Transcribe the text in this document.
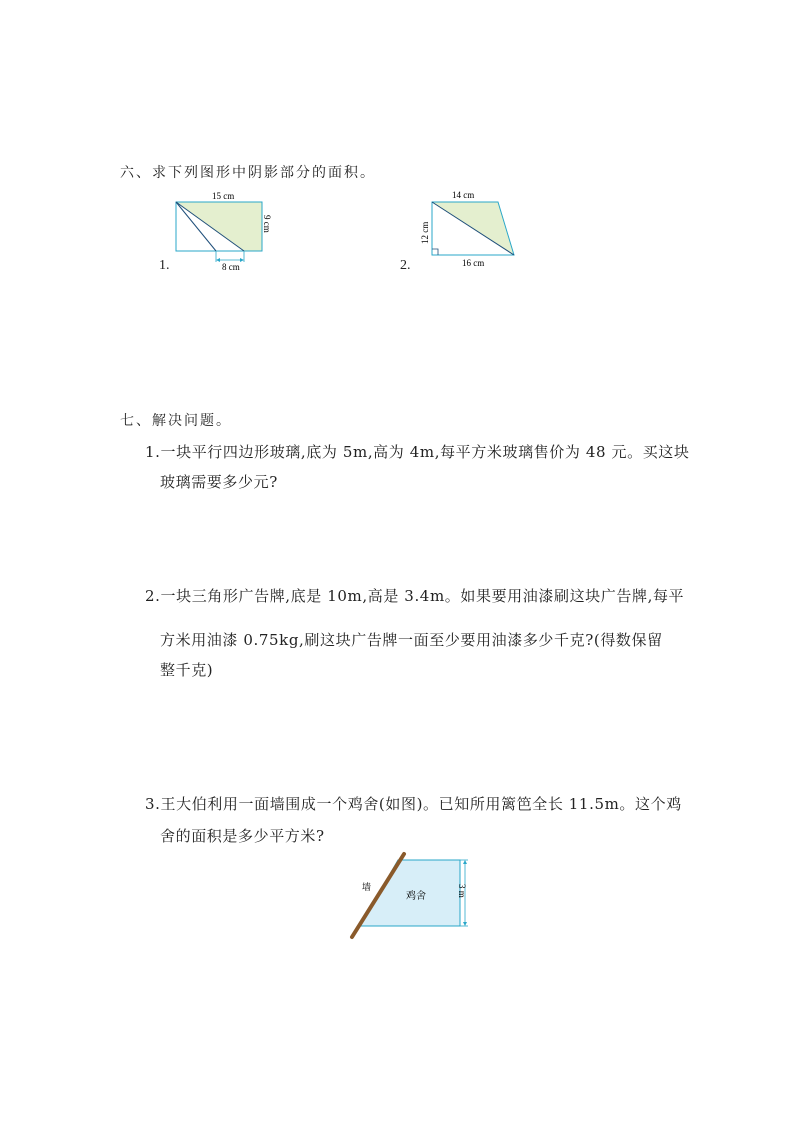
六、求下列图形中阴影部分的面积。
1.
15 cm
8 cm
9 cm
2.
14 cm
16 cm
12 cm
七、解决问题。
1.一块平行四边形玻璃,底为 5m,高为 4m,每平方米玻璃售价为 48 元。买这块
玻璃需要多少元?
2.一块三角形广告牌,底是 10m,高是 3.4m。如果要用油漆刷这块广告牌,每平
方米用油漆 0.75kg,刷这块广告牌一面至少要用油漆多少千克?(得数保留
整千克)
3.王大伯利用一面墙围成一个鸡舍(如图)。已知所用篱笆全长 11.5m。这个鸡
舍的面积是多少平方米?
墙
鸡舍	3 m
